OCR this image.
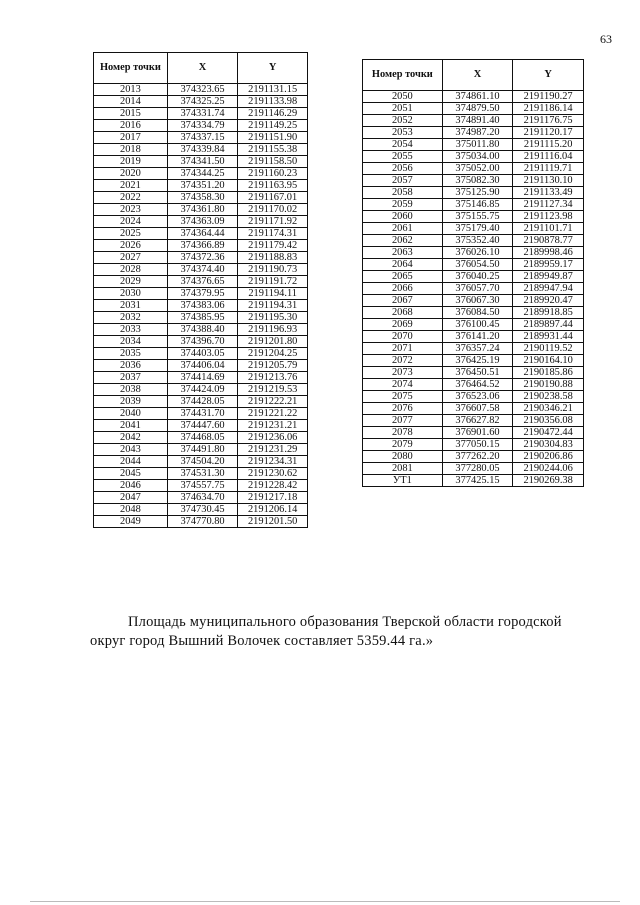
63
Номер точки	X	Y
2013	374323.65	2191131.15
2014	374325.25	2191133.98
2015	374331.74	2191146.29
2016	374334.79	2191149.25
2017	374337.15	2191151.90
2018	374339.84	2191155.38
2019	374341.50	2191158.50
2020	374344.25	2191160.23
2021	374351.20	2191163.95
2022	374358.30	2191167.01
2023	374361.80	2191170.02
2024	374363.09	2191171.92
2025	374364.44	2191174.31
2026	374366.89	2191179.42
2027	374372.36	2191188.83
2028	374374.40	2191190.73
2029	374376.65	2191191.72
2030	374379.95	2191194.11
2031	374383.06	2191194.31
2032	374385.95	2191195.30
2033	374388.40	2191196.93
2034	374396.70	2191201.80
2035	374403.05	2191204.25
2036	374406.04	2191205.79
2037	374414.69	2191213.76
2038	374424.09	2191219.53
2039	374428.05	2191222.21
2040	374431.70	2191221.22
2041	374447.60	2191231.21
2042	374468.05	2191236.06
2043	374491.80	2191231.29
2044	374504.20	2191234.31
2045	374531.30	2191230.62
2046	374557.75	2191228.42
2047	374634.70	2191217.18
2048	374730.45	2191206.14
2049	374770.80	2191201.50
Номер точки	X	Y
2050	374861.10	2191190.27
2051	374879.50	2191186.14
2052	374891.40	2191176.75
2053	374987.20	2191120.17
2054	375011.80	2191115.20
2055	375034.00	2191116.04
2056	375052.00	2191119.71
2057	375082.30	2191130.10
2058	375125.90	2191133.49
2059	375146.85	2191127.34
2060	375155.75	2191123.98
2061	375179.40	2191101.71
2062	375352.40	2190878.77
2063	376026.10	2189998.46
2064	376054.50	2189959.17
2065	376040.25	2189949.87
2066	376057.70	2189947.94
2067	376067.30	2189920.47
2068	376084.50	2189918.85
2069	376100.45	2189897.44
2070	376141.20	2189931.44
2071	376357.24	2190119.52
2072	376425.19	2190164.10
2073	376450.51	2190185.86
2074	376464.52	2190190.88
2075	376523.06	2190238.58
2076	376607.58	2190346.21
2077	376627.82	2190356.08
2078	376901.60	2190472.44
2079	377050.15	2190304.83
2080	377262.20	2190206.86
2081	377280.05	2190244.06
УТ1	377425.15	2190269.38

Площадь муниципального образования Тверской области городской округ город Вышний Волочек составляет 5359.44 га.»
